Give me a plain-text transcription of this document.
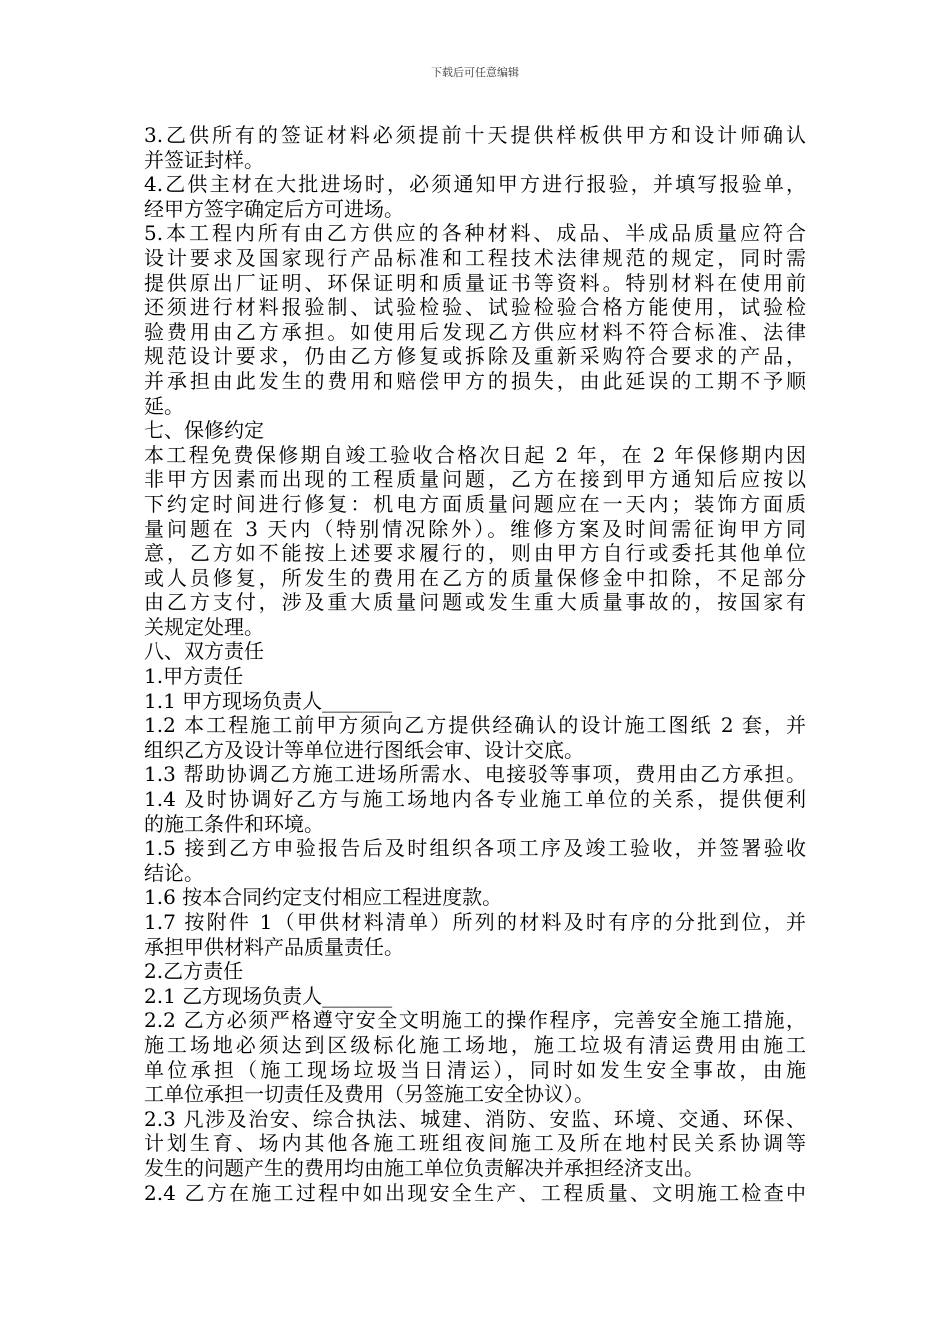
下载后可任意编辑
3.乙供所有的签证材料必须提前十天提供样板供甲方和设计师确认
并签证封样。
4.乙供主材在大批进场时，必须通知甲方进行报验，并填写报验单，
经甲方签字确定后方可进场。
5.本工程内所有由乙方供应的各种材料、成品、半成品质量应符合
设计要求及国家现行产品标准和工程技术法律规范的规定，同时需
提供原出厂证明、环保证明和质量证书等资料。特别材料在使用前
还须进行材料报验制、试验检验、试验检验合格方能使用，试验检
验费用由乙方承担。如使用后发现乙方供应材料不符合标准、法律
规范设计要求，仍由乙方修复或拆除及重新采购符合要求的产品，
并承担由此发生的费用和赔偿甲方的损失，由此延误的工期不予顺
延。
七、保修约定
本工程免费保修期自竣工验收合格次日起 2 年，在 2 年保修期内因
非甲方因素而出现的工程质量问题，乙方在接到甲方通知后应按以
下约定时间进行修复：机电方面质量问题应在一天内；装饰方面质
量问题在 3 天内（特别情况除外）。维修方案及时间需征询甲方同
意，乙方如不能按上述要求履行的，则由甲方自行或委托其他单位
或人员修复，所发生的费用在乙方的质量保修金中扣除，不足部分
由乙方支付，涉及重大质量问题或发生重大质量事故的，按国家有
关规定处理。
八、双方责任
1.甲方责任
1.1 甲方现场负责人_______
1.2 本工程施工前甲方须向乙方提供经确认的设计施工图纸 2 套，并
组织乙方及设计等单位进行图纸会审、设计交底。
1.3 帮助协调乙方施工进场所需水、电接驳等事项，费用由乙方承担。
1.4 及时协调好乙方与施工场地内各专业施工单位的关系，提供便利
的施工条件和环境。
1.5 接到乙方申验报告后及时组织各项工序及竣工验收，并签署验收
结论。
1.6 按本合同约定支付相应工程进度款。
1.7 按附件 1（甲供材料清单）所列的材料及时有序的分批到位，并
承担甲供材料产品质量责任。
2.乙方责任
2.1 乙方现场负责人_______
2.2 乙方必须严格遵守安全文明施工的操作程序，完善安全施工措施，
施工场地必须达到区级标化施工场地，施工垃圾有清运费用由施工
单位承担（施工现场垃圾当日清运），同时如发生安全事故，由施
工单位承担一切责任及费用（另签施工安全协议）。
2.3 凡涉及治安、综合执法、城建、消防、安监、环境、交通、环保、
计划生育、场内其他各施工班组夜间施工及所在地村民关系协调等
发生的问题产生的费用均由施工单位负责解决并承担经济支出。
2.4 乙方在施工过程中如出现安全生产、工程质量、文明施工检查中
